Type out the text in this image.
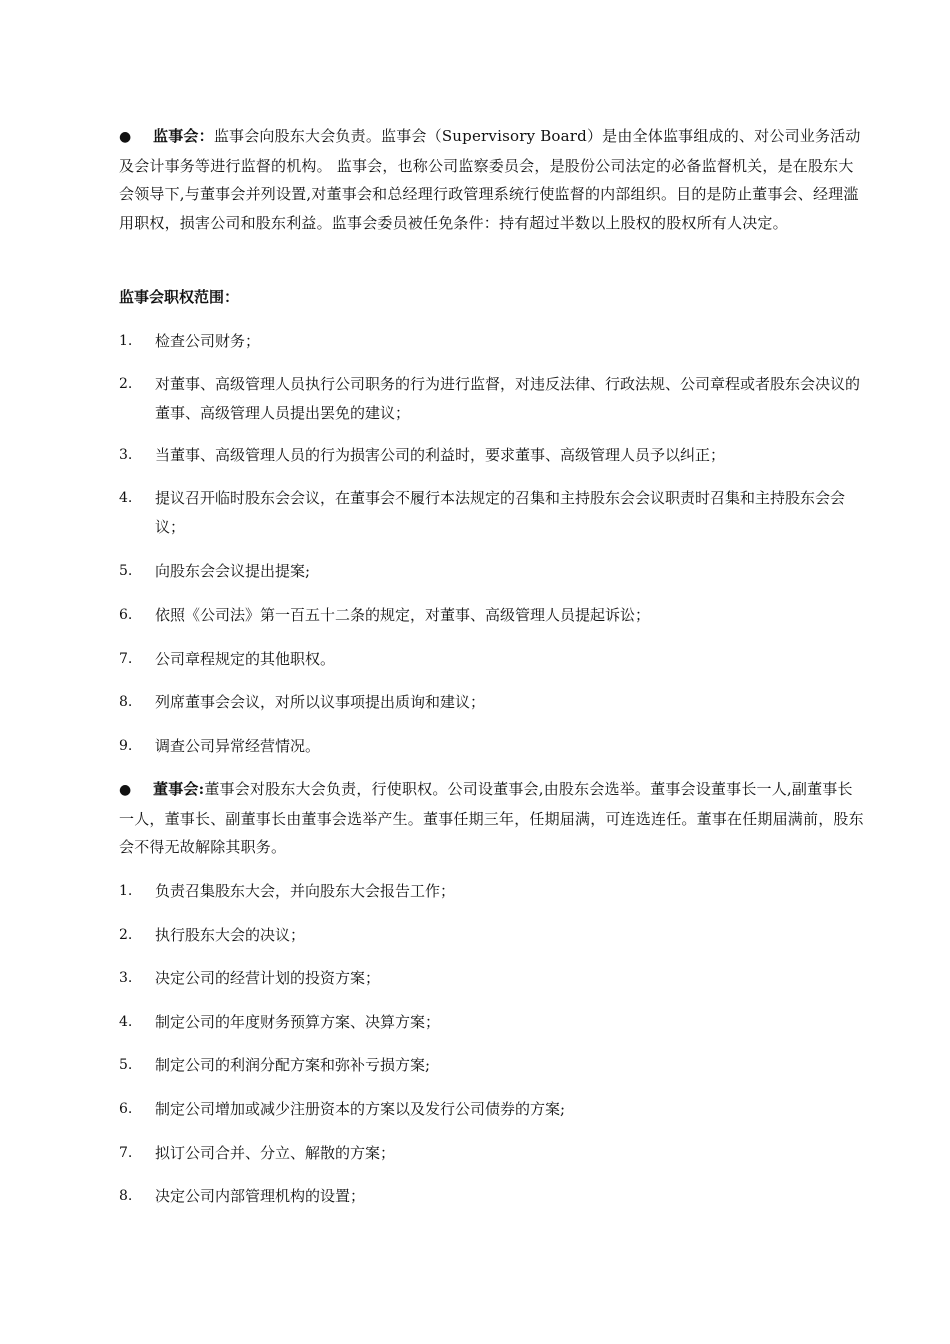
● 监事会：监事会向股东大会负责。监事会（Supervisory Board）是由全体监事组成的、对公司业务活动及会计事务等进行监督的机构。 监事会，也称公司监察委员会，是股份公司法定的必备监督机关，是在股东大会领导下,与董事会并列设置,对董事会和总经理行政管理系统行使监督的内部组织。目的是防止董事会、经理滥用职权，损害公司和股东利益。监事会委员被任免条件：持有超过半数以上股权的股权所有人决定。
监事会职权范围：
1.	检查公司财务；
2.	对董事、高级管理人员执行公司职务的行为进行监督，对违反法律、行政法规、公司章程或者股东会决议的董事、高级管理人员提出罢免的建议；
3.	当董事、高级管理人员的行为损害公司的利益时，要求董事、高级管理人员予以纠正；
4.	提议召开临时股东会会议，在董事会不履行本法规定的召集和主持股东会会议职责时召集和主持股东会会议；
5.	向股东会会议提出提案;
6.	依照《公司法》第一百五十二条的规定，对董事、高级管理人员提起诉讼；
7.	公司章程规定的其他职权。
8.	列席董事会会议，对所以议事项提出质询和建议；
9.	调查公司异常经营情况。
● 董事会:董事会对股东大会负责，行使职权。公司设董事会,由股东会选举。董事会设董事长一人,副董事长一人，董事长、副董事长由董事会选举产生。董事任期三年，任期届满，可连选连任。董事在任期届满前，股东会不得无故解除其职务。
1.	负责召集股东大会，并向股东大会报告工作；
2.	执行股东大会的决议；
3.	决定公司的经营计划的投资方案；
4.	制定公司的年度财务预算方案、决算方案；
5.	制定公司的利润分配方案和弥补亏损方案;
6.	制定公司增加或减少注册资本的方案以及发行公司债券的方案;
7.	拟订公司合并、分立、解散的方案；
8.	决定公司内部管理机构的设置；
